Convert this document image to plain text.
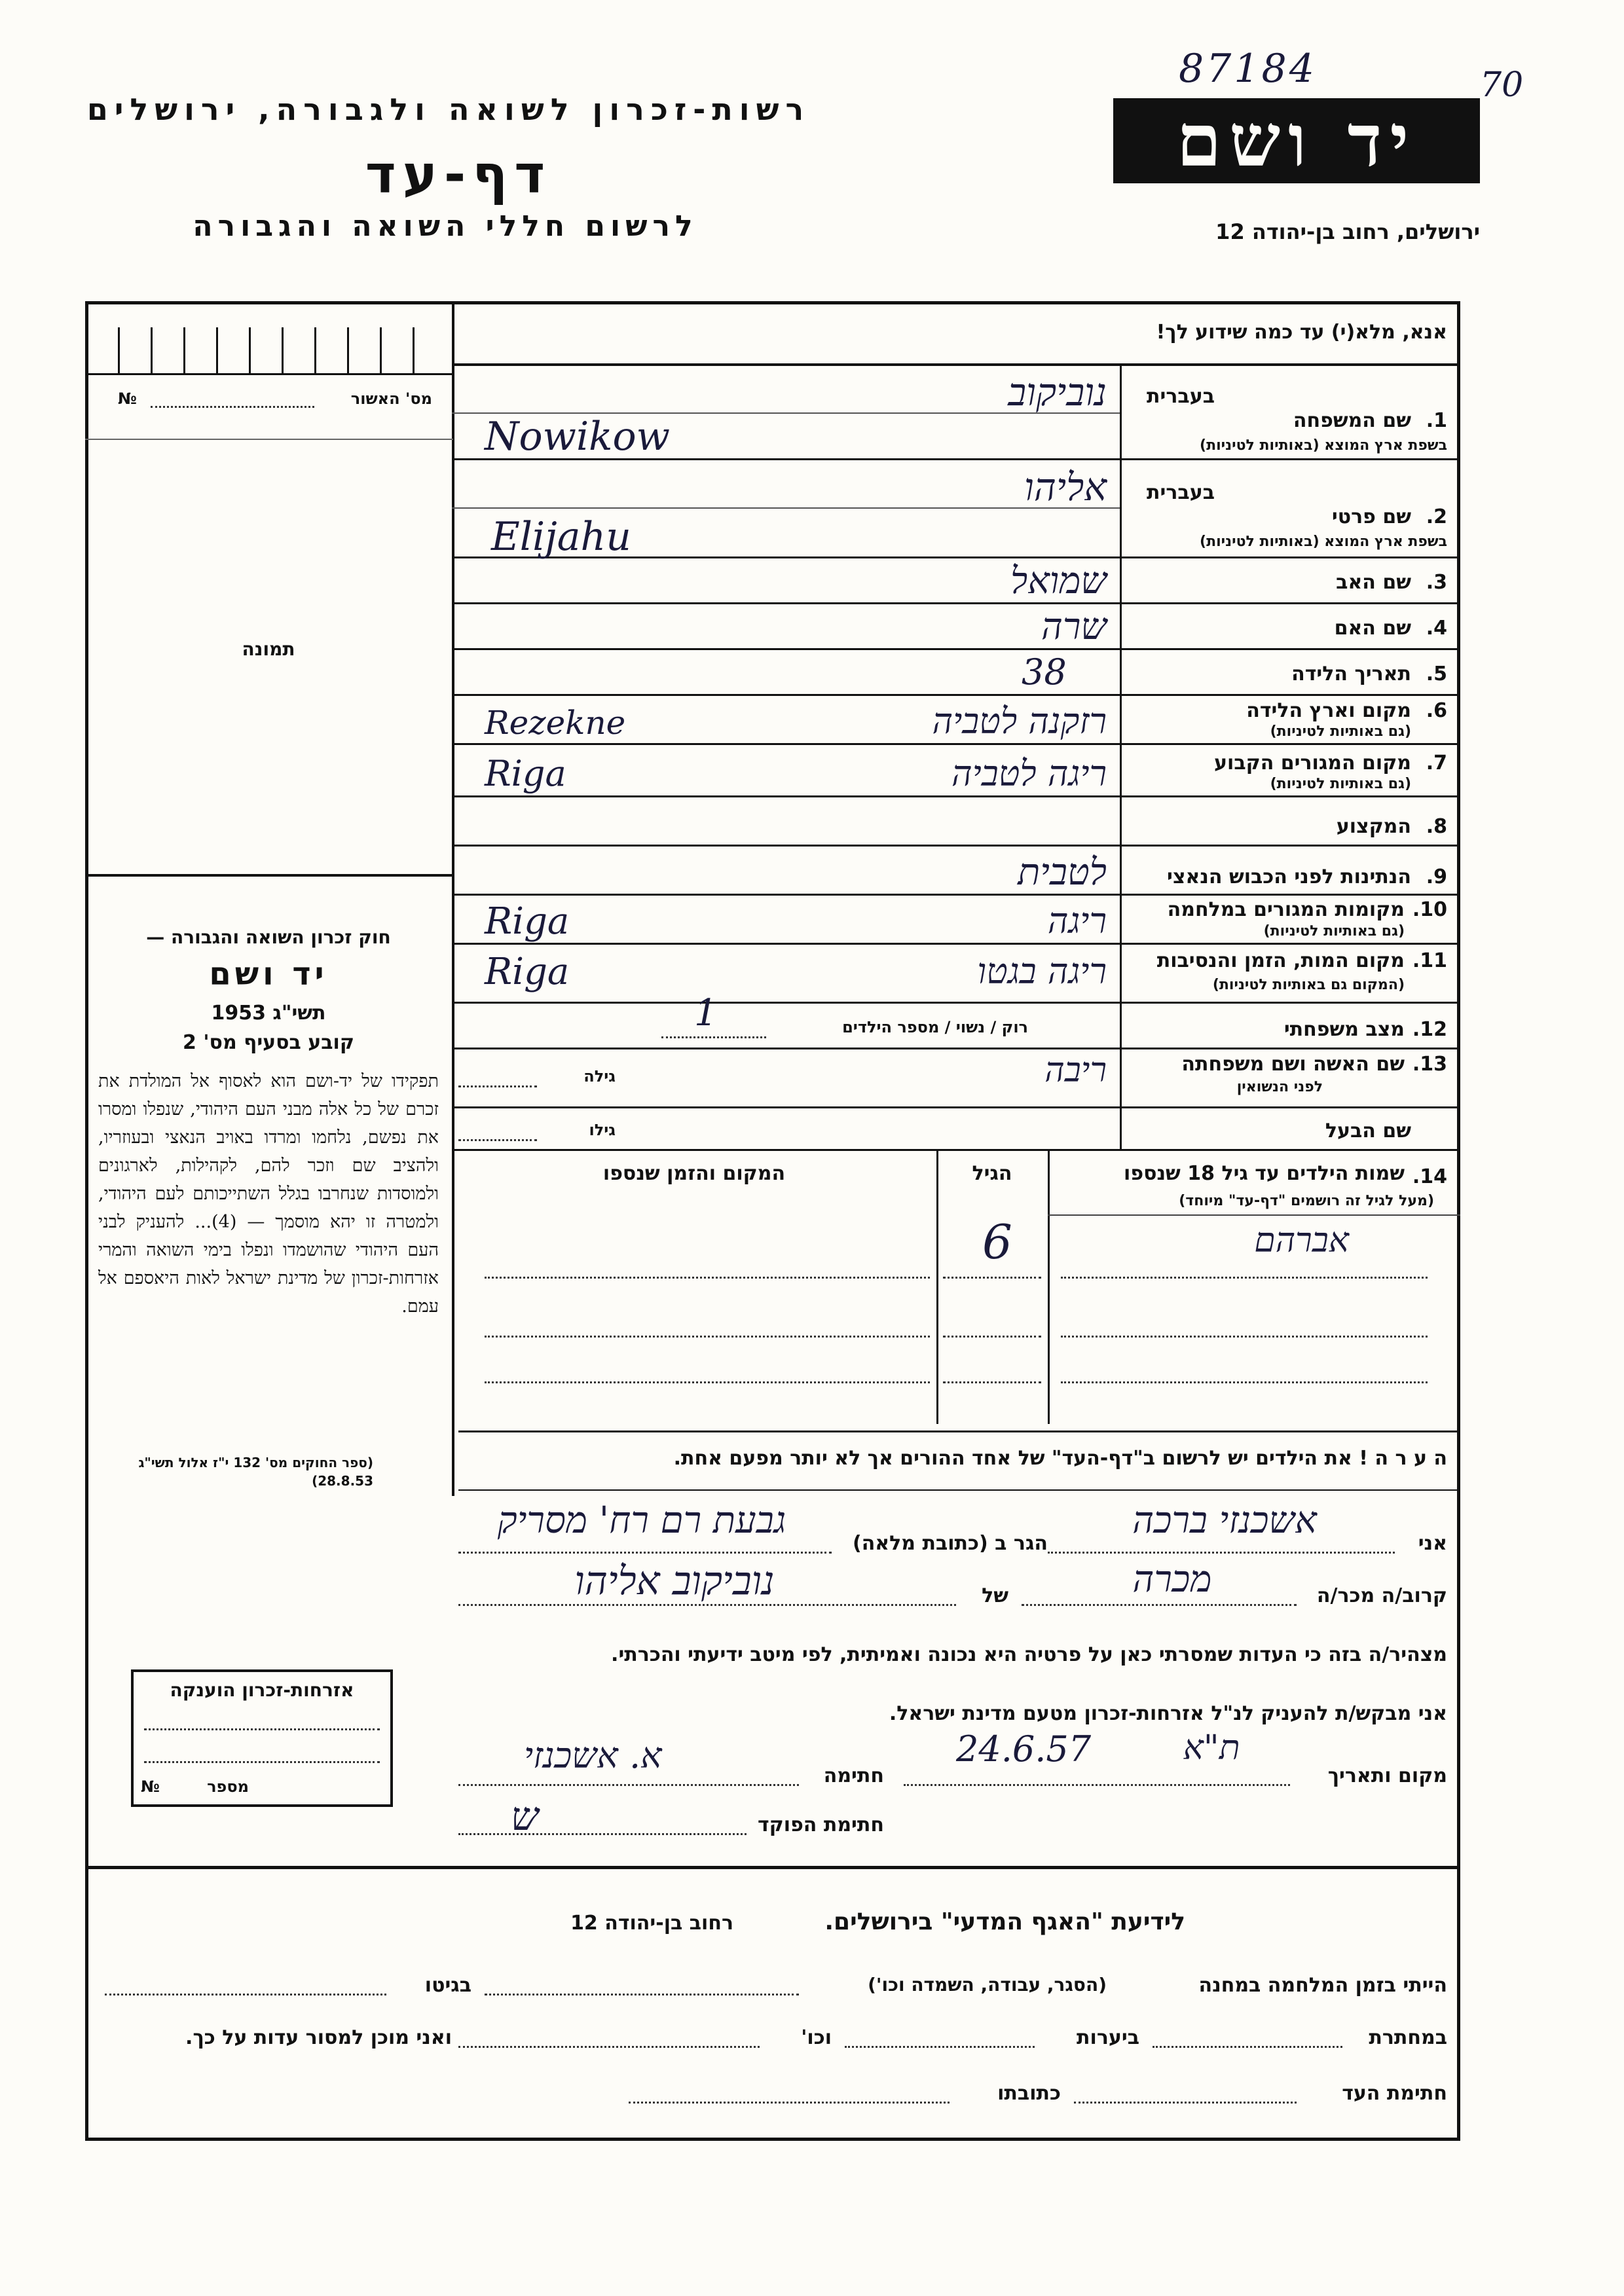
87184	70
רשות-זכרון לשואה ולגבורה, ירושלים
דף-עד
לרשום חללי השואה והגבורה
יד ושם
ירושלים, רחוב בן-יהודה 12
מס' האשור
№
תמונה
חוק זכרון השואה והגבורה —
יד ושם
תשי"ג 1953
קובע בסעיף מס' 2
תפקידו של יד-ושם הוא לאסוף אל המולדת את זכרם של כל אלה מבני העם היהודי, שנפלו ומסרו את נפשם, נלחמו ומרדו באויב הנאצי ובעוזריו, ולהציב שם וזכר להם, לקהילות, לארגונים ולמוסדות שנחרבו בגלל השתייכותם לעם היהודי, ולמטרה זו יהא מוסמך — (4)... להעניק לבני העם היהודי שהושמדו ונפלו בימי השואה והמרי אזרחות-זכרון של מדינת ישראל לאות היאספם אל עמם.
(ספר החוקים מס' 132 י"ז אלול תשי"ג 28.8.53)
אנא, מלא(י) עד כמה שידוע לך!
בעברית
1.
שם המשפחה
בשפת ארץ המוצא (באותיות לטיניות)
נוביקוב
Nowikow
בעברית
2.
שם פרטי
בשפת ארץ המוצא (באותיות לטיניות)
אליהו
Elijahu
3.
שם האב
שמואל
4.
שם האם
שרה
5.
תאריך הלידה
38
6.
מקום וארץ הלידה
(גם באותיות לטיניות)
רזקנה לטביה
Rezekne
7.
מקום המגורים הקבוע
(גם באותיות לטיניות)
ריגה לטביה
Riga
8.
המקצוע
9.
הנתינות לפני הכבוש הנאצי
לטבית
10.
מקומות המגורים במלחמה
(גם באותיות לטיניות)
ריגה
Riga
11.
מקום המות, הזמן והנסיבות
(המקום גם באותיות לטיניות)
ריגה בגטו
Riga
12.
מצב משפחתי
רוק / נשוי / מספר הילדים
1
13.
שם האשה ושם משפחתה
לפני הנשואין
ריבה
גילה
שם הבעל
גילו
14.
שמות הילדים עד גיל 18 שנספו
(מעל לגיל זה רושמים "דף-עד" מיוחד)
הגיל
המקום והזמן שנספו
אברהם
6
ה ע ר ה ! את הילדים יש לרשום ב"דף-העד" של אחד ההורים אך לא יותר מפעם אחת.
אני
אשכנזי ברכה
הגר ב (כתובת מלאה)
גבעת רם רח' מסריק
קרוב/ה מכר/ה
מכרה
של
נוביקוב אליהו
מצהיר/ה בזה כי העדות שמסרתי כאן על פרטיה היא נכונה ואמיתית, לפי מיטב ידיעתי והכרתי.
אני מבקש/ת להעניק לנ"ל אזרחות-זכרון מטעם מדינת ישראל.
מקום ותאריך
ת"א
24.6.57
חתימה
א. אשכנזי
חתימת הפוקד
ש
אזרחות-זכרון הוענקה
מספר
№
לידיעת "האגף המדעי" בירושלים.
רחוב בן-יהודה 12
הייתי בזמן המלחמה במחנה
(הסגר, עבודה, השמדה וכו')
בגיטו
במחתרת
ביערות
וכו'
ואני מוכן למסור עדות על כך.
חתימת העד
כתובתו
